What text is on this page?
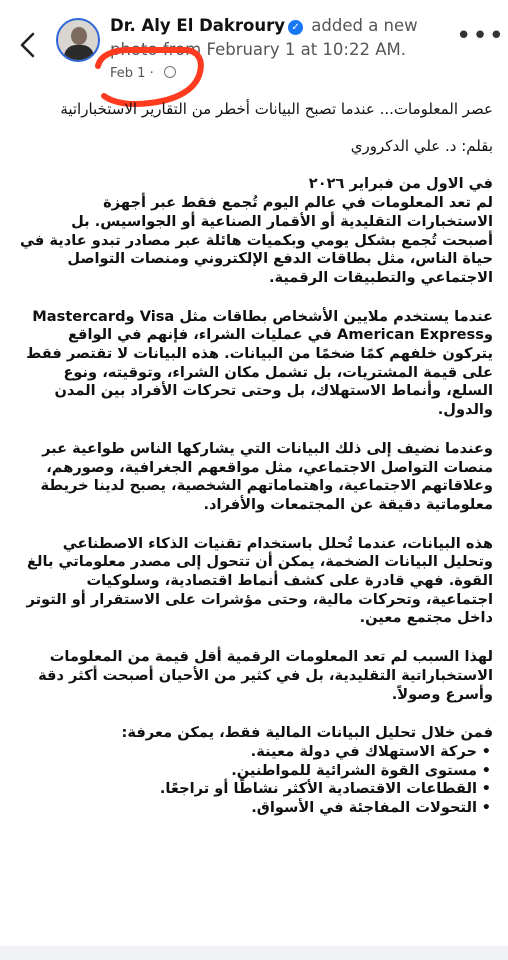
Dr. Aly El Dakroury ✓ added a new photo from February 1 at 10:22 AM.
Feb 1 ·
•••

عصر المعلومات... عندما تصبح البيانات أخطر من التقارير الاستخباراتية

بقلم: د. علي الدكروري

في الاول من فبراير ٢٠٢٦

لم تعد المعلومات في عالم اليوم تُجمع فقط عبر أجهزة الاستخبارات التقليدية أو الأقمار الصناعية أو الجواسيس. بل أصبحت تُجمع بشكل يومي وبكميات هائلة عبر مصادر تبدو عادية في حياة الناس، مثل بطاقات الدفع الإلكتروني ومنصات التواصل الاجتماعي والتطبيقات الرقمية.

عندما يستخدم ملايين الأشخاص بطاقات مثل Visa وMastercard وAmerican Express في عمليات الشراء، فإنهم في الواقع يتركون خلفهم كمًا ضخمًا من البيانات. هذه البيانات لا تقتصر فقط على قيمة المشتريات، بل تشمل مكان الشراء، وتوقيته، ونوع السلع، وأنماط الاستهلاك، بل وحتى تحركات الأفراد بين المدن والدول.

وعندما نضيف إلى ذلك البيانات التي يشاركها الناس طواعية عبر منصات التواصل الاجتماعي، مثل مواقعهم الجغرافية، وصورهم، وعلاقاتهم الاجتماعية، واهتماماتهم الشخصية، يصبح لدينا خريطة معلوماتية دقيقة عن المجتمعات والأفراد.

هذه البيانات، عندما تُحلل باستخدام تقنيات الذكاء الاصطناعي وتحليل البيانات الضخمة، يمكن أن تتحول إلى مصدر معلوماتي بالغ القوة. فهي قادرة على كشف أنماط اقتصادية، وسلوكيات اجتماعية، وتحركات مالية، وحتى مؤشرات على الاستقرار أو التوتر داخل مجتمع معين.

لهذا السبب لم تعد المعلومات الرقمية أقل قيمة من المعلومات الاستخباراتية التقليدية، بل في كثير من الأحيان أصبحت أكثر دقة وأسرع وصولاً.

فمن خلال تحليل البيانات المالية فقط، يمكن معرفة:
• حركة الاستهلاك في دولة معينة.
• مستوى القوة الشرائية للمواطنين.
• القطاعات الاقتصادية الأكثر نشاطًا أو تراجعًا.
• التحولات المفاجئة في الأسواق.
